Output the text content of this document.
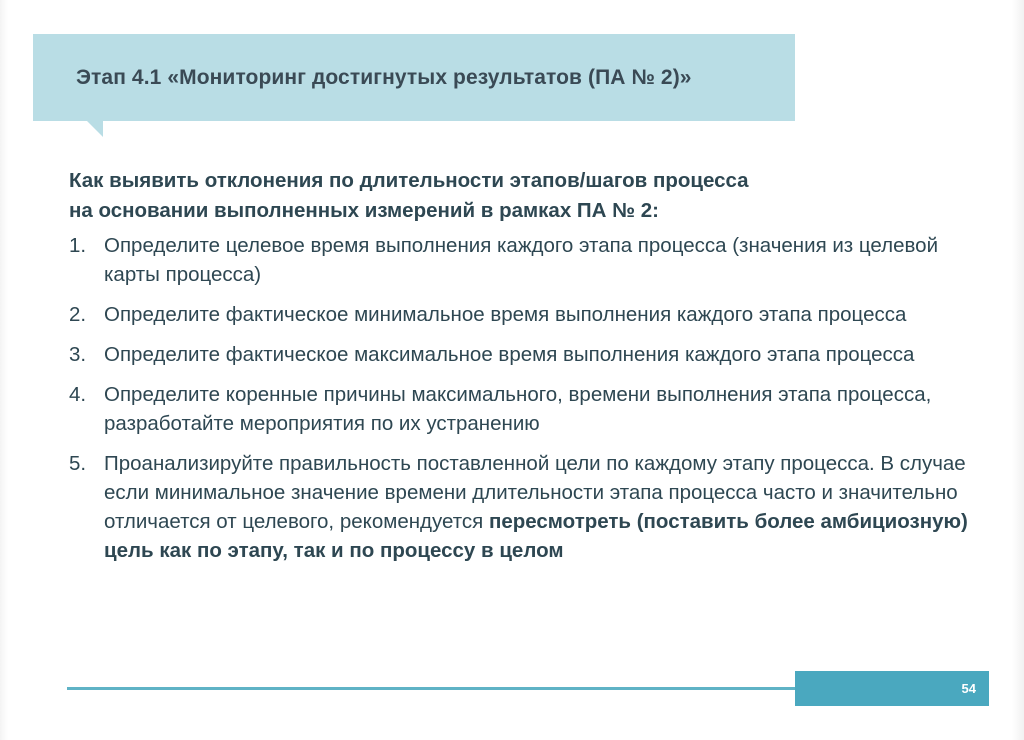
Этап 4.1 «Мониторинг достигнутых результатов (ПА № 2)»
Как выявить отклонения по длительности этапов/шагов процесса
на основании выполненных измерений в рамках ПА № 2:
1. Определите целевое время выполнения каждого этапа процесса (значения из целевой карты процесса)
2. Определите фактическое минимальное время выполнения каждого этапа процесса
3. Определите фактическое максимальное время выполнения каждого этапа процесса
4. Определите коренные причины максимального, времени выполнения этапа процесса, разработайте мероприятия по их устранению
5. Проанализируйте правильность поставленной цели по каждому этапу процесса. В случае если минимальное значение времени длительности этапа процесса часто и значительно отличается от целевого, рекомендуется пересмотреть (поставить более амбициозную) цель как по этапу, так и по процессу в целом
54
